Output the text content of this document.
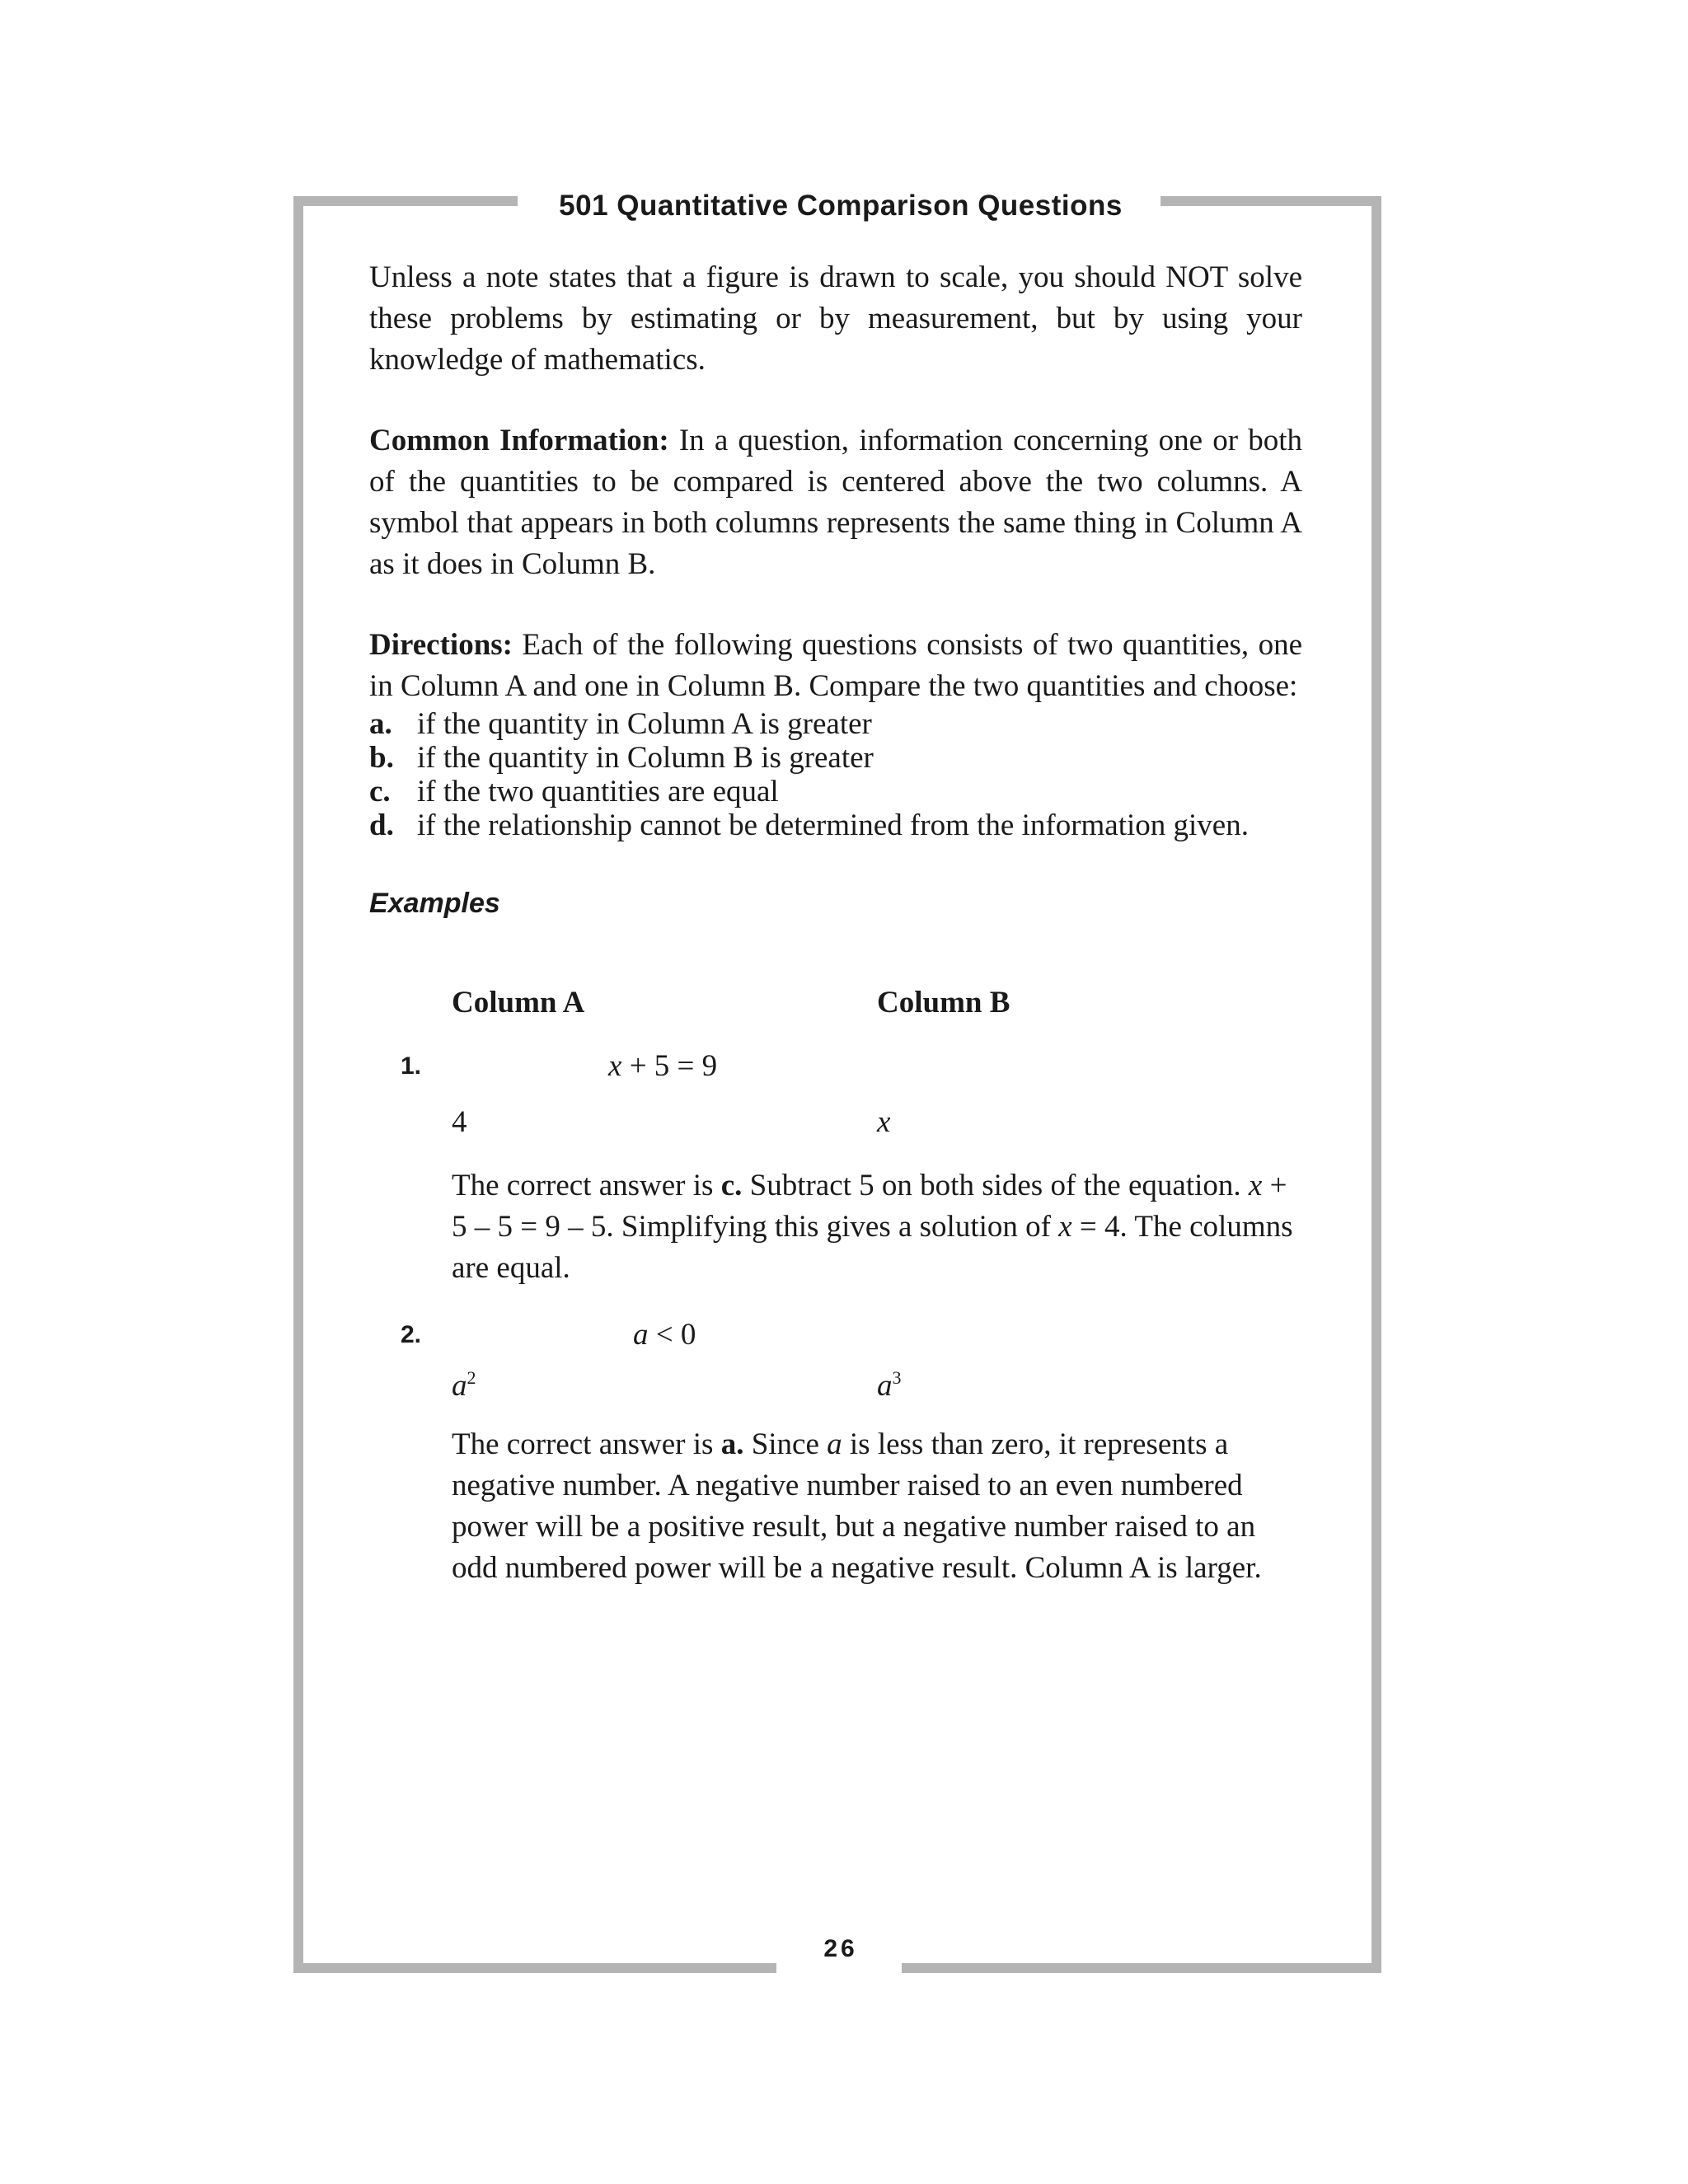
501 Quantitative Comparison Questions

Unless a note states that a figure is drawn to scale, you should NOT solve these problems by estimating or by measurement, but by using your knowledge of mathematics.

Common Information: In a question, information concerning one or both of the quantities to be compared is centered above the two columns. A symbol that appears in both columns represents the same thing in Column A as it does in Column B.

Directions: Each of the following questions consists of two quantities, one in Column A and one in Column B. Compare the two quantities and choose:

a. if the quantity in Column A is greater
b. if the quantity in Column B is greater
c. if the two quantities are equal
d. if the relationship cannot be determined from the information given.
Examples
Column A	Column B
1.	x + 5 = 9
4	x

The correct answer is c. Subtract 5 on both sides of the equation. x + 5 – 5 = 9 – 5. Simplifying this gives a solution of x = 4. The columns are equal.

2.	a < 0
$a^2$	$a^3$

The correct answer is a. Since a is less than zero, it represents a negative number. A negative number raised to an even numbered power will be a positive result, but a negative number raised to an odd numbered power will be a negative result. Column A is larger.

26
